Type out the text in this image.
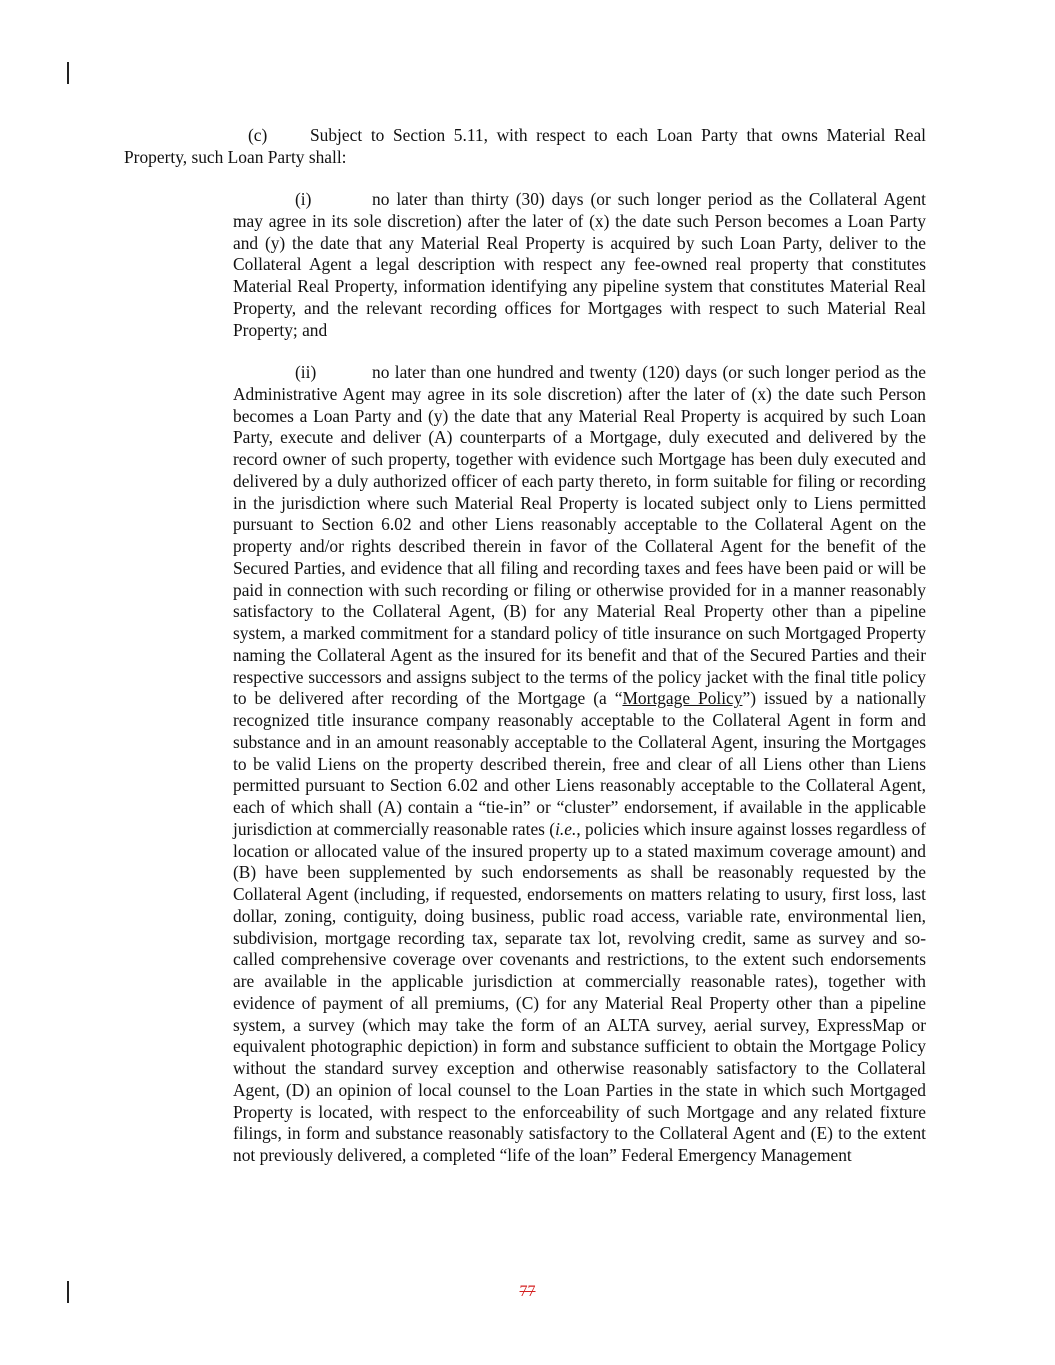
(c) Subject to Section 5.11, with respect to each Loan Party that owns Material Real Property, such Loan Party shall:

(i)	no later than thirty (30) days (or such longer period as the Collateral Agent may agree in its sole discretion) after the later of (x) the date such Person becomes a Loan Party and (y) the date that any Material Real Property is acquired by such Loan Party, deliver to the Collateral Agent a legal description with respect any fee-owned real property that constitutes Material Real Property, information identifying any pipeline system that constitutes Material Real Property, and the relevant recording offices for Mortgages with respect to such Material Real Property; and

(ii)	no later than one hundred and twenty (120) days (or such longer period as the Administrative Agent may agree in its sole discretion) after the later of (x) the date such Person becomes a Loan Party and (y) the date that any Material Real Property is acquired by such Loan Party, execute and deliver (A) counterparts of a Mortgage, duly executed and delivered by the record owner of such property, together with evidence such Mortgage has been duly executed and delivered by a duly authorized officer of each party thereto, in form suitable for filing or recording in the jurisdiction where such Material Real Property is located subject only to Liens permitted pursuant to Section 6.02 and other Liens reasonably acceptable to the Collateral Agent on the property and/or rights described therein in favor of the Collateral Agent for the benefit of the Secured Parties, and evidence that all filing and recording taxes and fees have been paid or will be paid in connection with such recording or filing or otherwise provided for in a manner reasonably satisfactory to the Collateral Agent, (B) for any Material Real Property other than a pipeline system, a marked commitment for a standard policy of title insurance on such Mortgaged Property naming the Collateral Agent as the insured for its benefit and that of the Secured Parties and their respective successors and assigns subject to the terms of the policy jacket with the final title policy to be delivered after recording of the Mortgage (a “Mortgage Policy”) issued by a nationally recognized title insurance company reasonably acceptable to the Collateral Agent in form and substance and in an amount reasonably acceptable to the Collateral Agent, insuring the Mortgages to be valid Liens on the property described therein, free and clear of all Liens other than Liens permitted pursuant to Section 6.02 and other Liens reasonably acceptable to the Collateral Agent, each of which shall (A) contain a “tie-in” or “cluster” endorsement, if available in the applicable jurisdiction at commercially reasonable rates (i.e., policies which insure against losses regardless of location or allocated value of the insured property up to a stated maximum coverage amount) and (B) have been supplemented by such endorsements as shall be reasonably requested by the Collateral Agent (including, if requested, endorsements on matters relating to usury, first loss, last dollar, zoning, contiguity, doing business, public road access, variable rate, environmental lien, subdivision, mortgage recording tax, separate tax lot, revolving credit, same as survey and so-called comprehensive coverage over covenants and restrictions, to the extent such endorsements are available in the applicable jurisdiction at commercially reasonable rates), together with evidence of payment of all premiums, (C) for any Material Real Property other than a pipeline system, a survey (which may take the form of an ALTA survey, aerial survey, ExpressMap or equivalent photographic depiction) in form and substance sufficient to obtain the Mortgage Policy without the standard survey exception and otherwise reasonably satisfactory to the Collateral Agent, (D) an opinion of local counsel to the Loan Parties in the state in which such Mortgaged Property is located, with respect to the enforceability of such Mortgage and any related fixture filings, in form and substance reasonably satisfactory to the Collateral Agent and (E) to the extent not previously delivered, a completed “life of the loan” Federal Emergency Management

77
